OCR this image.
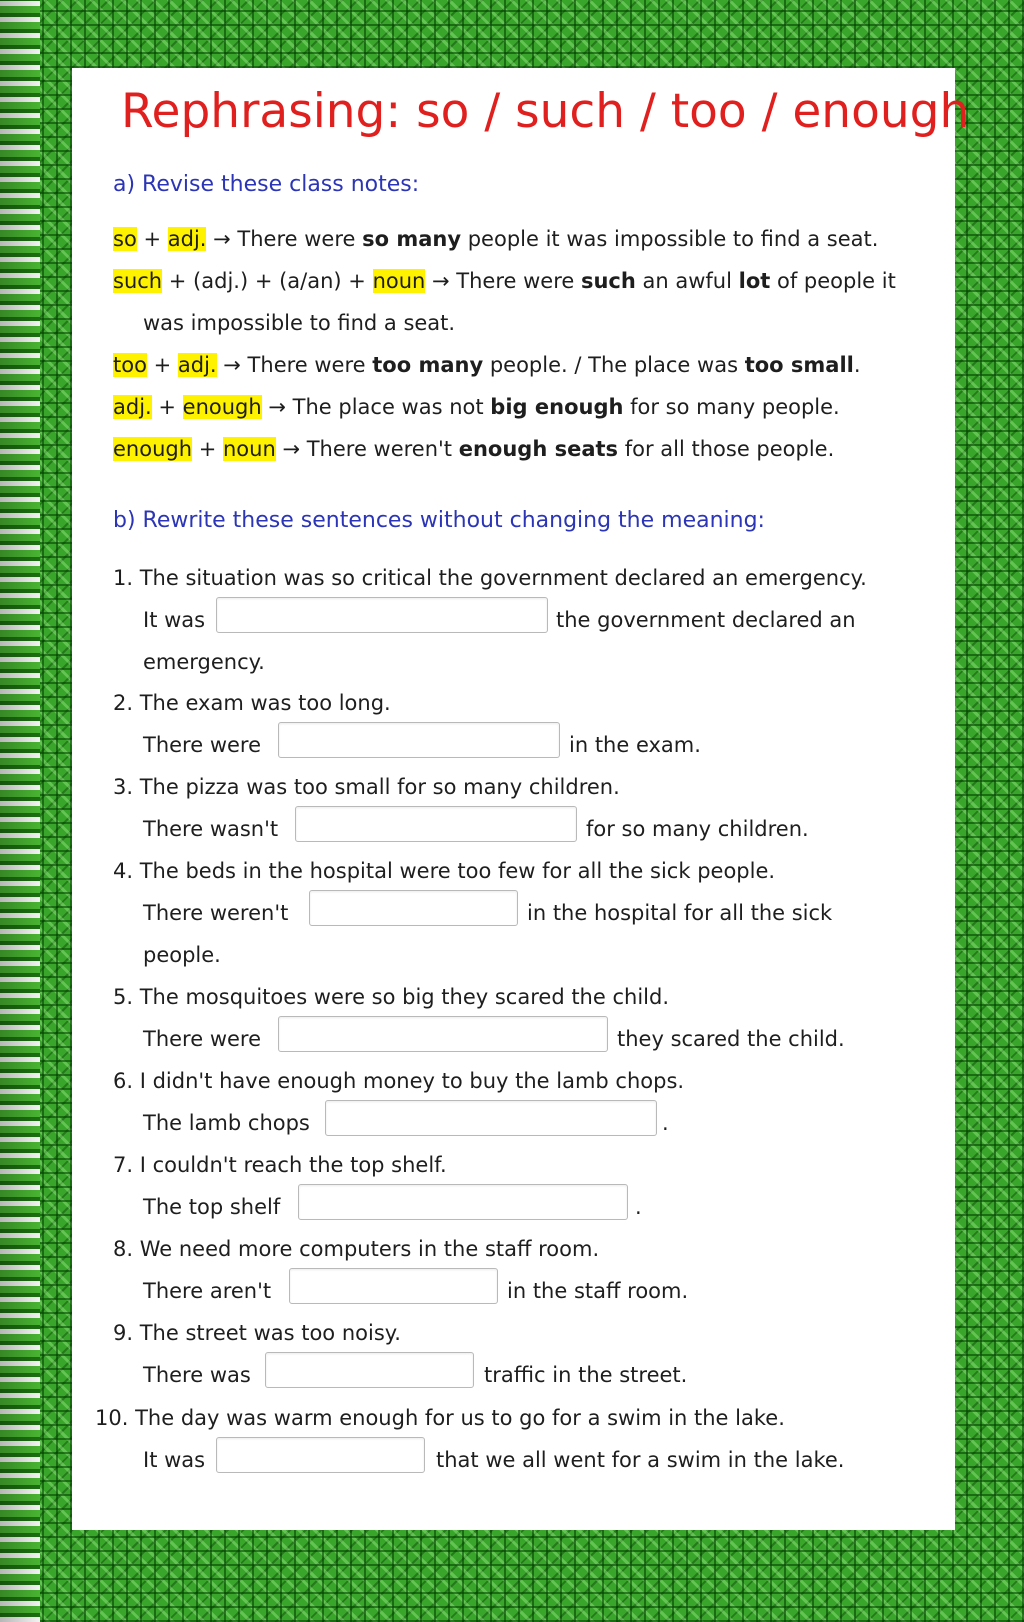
Rephrasing: so / such / too / enough
a) Revise these class notes:
so + adj. → There were so many people it was impossible to find a seat.
such + (adj.) + (a/an) + noun → There were such an awful lot of people it
was impossible to find a seat.
too + adj. → There were too many people. / The place was too small.
adj. + enough → The place was not big enough for so many people.
enough + noun → There weren't enough seats for all those people.
b) Rewrite these sentences without changing the meaning:
1. The situation was so critical the government declared an emergency.
It was	the government declared an
emergency.
2. The exam was too long.
There were	in the exam.
3. The pizza was too small for so many children.
There wasn't	for so many children.
4. The beds in the hospital were too few for all the sick people.
There weren't	in the hospital for all the sick
people.
5. The mosquitoes were so big they scared the child.
There were	they scared the child.
6. I didn't have enough money to buy the lamb chops.
The lamb chops	.
7. I couldn't reach the top shelf.
The top shelf	.
8. We need more computers in the staff room.
There aren't	in the staff room.
9. The street was too noisy.
There was	traffic in the street.
10. The day was warm enough for us to go for a swim in the lake.
It was	that we all went for a swim in the lake.
